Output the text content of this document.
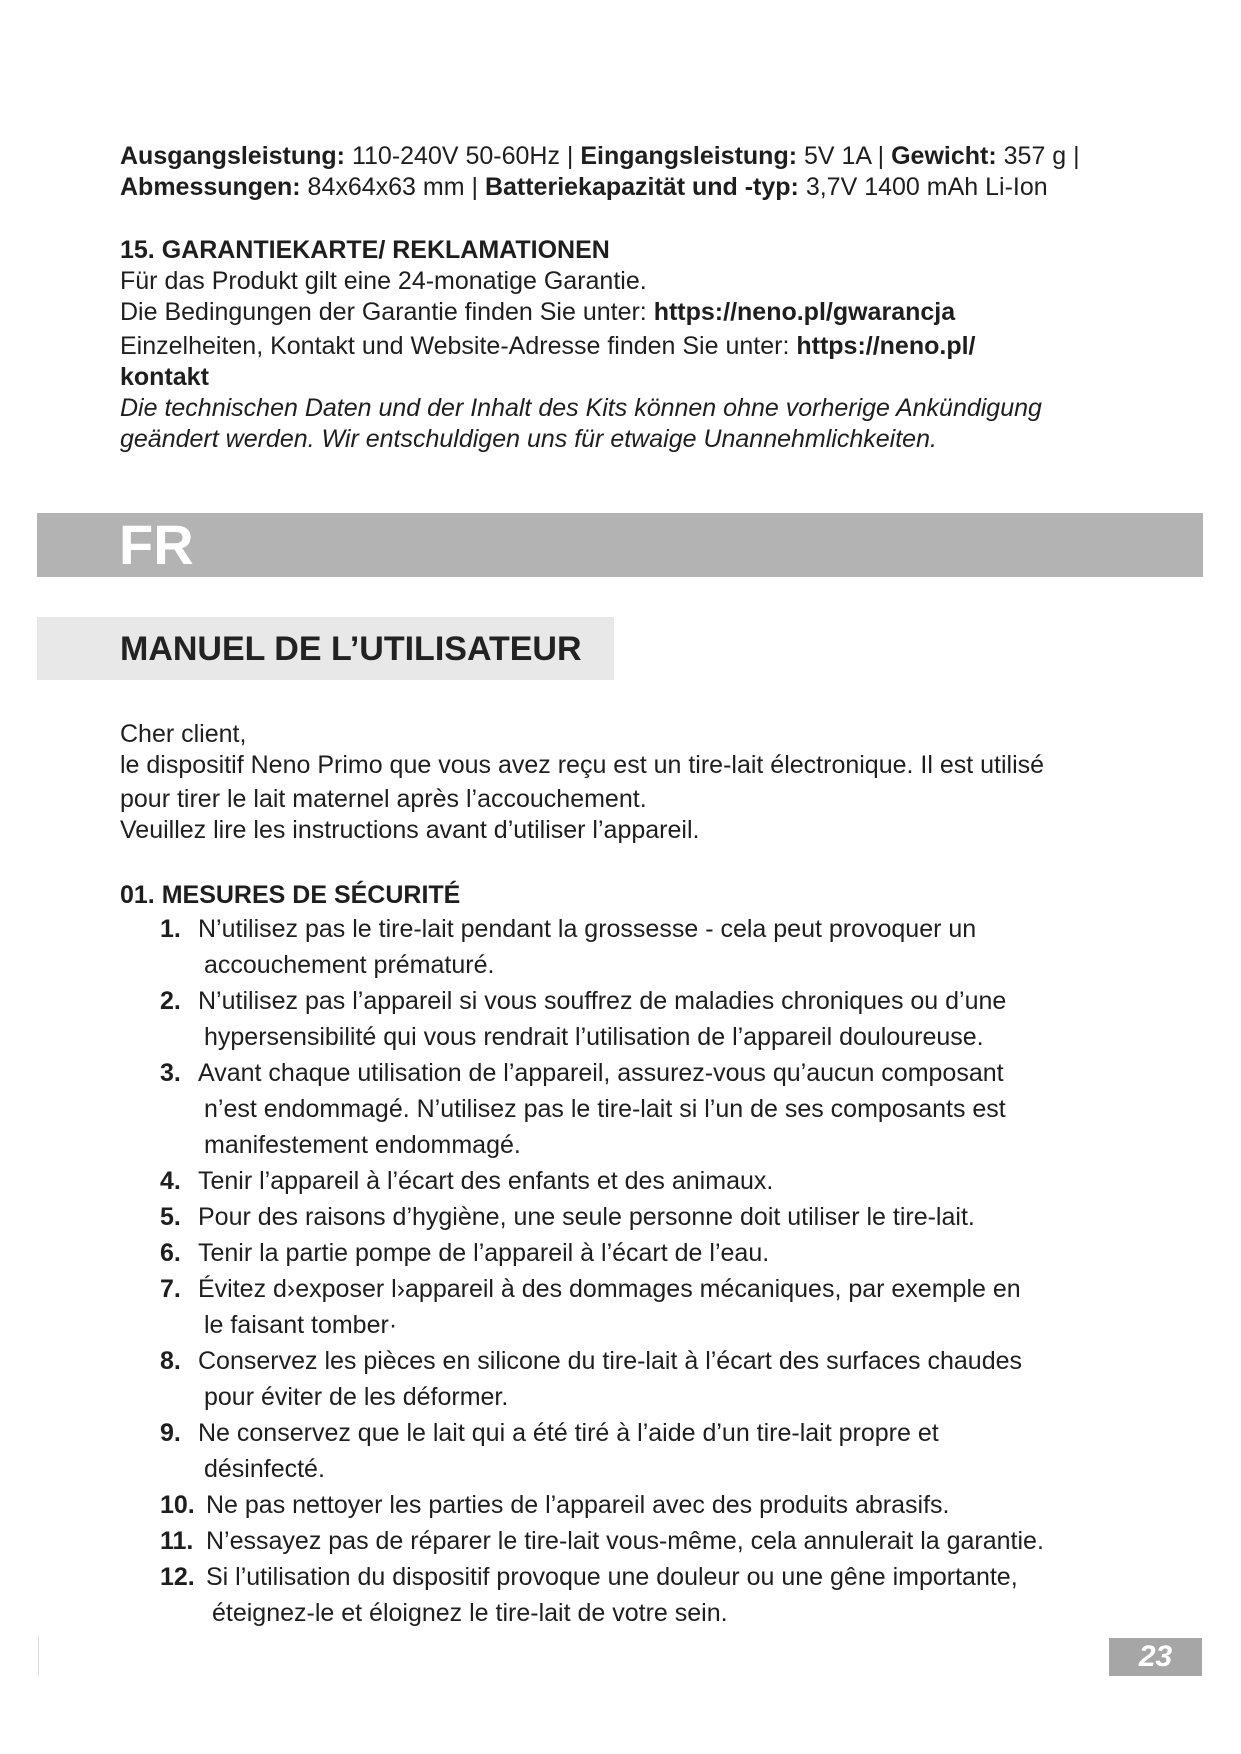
Ausgangsleistung: 110-240V 50-60Hz | Eingangsleistung: 5V 1A | Gewicht: 357 g |

Abmessungen: 84x64x63 mm | Batteriekapazität und -typ: 3,7V 1400 mAh Li-Ion

15. GARANTIEKARTE/ REKLAMATIONEN

Für das Produkt gilt eine 24-monatige Garantie.

Die Bedingungen der Garantie finden Sie unter: https://neno.pl/gwarancja

Einzelheiten, Kontakt und Website-Adresse finden Sie unter: https://neno.pl/

kontakt

Die technischen Daten und der Inhalt des Kits können ohne vorherige Ankündigung

geändert werden. Wir entschuldigen uns für etwaige Unannehmlichkeiten.

FR
MANUEL DE L’UTILISATEUR

Cher client,

le dispositif Neno Primo que vous avez reçu est un tire-lait électronique. Il est utilisé

pour tirer le lait maternel après l’accouchement.

Veuillez lire les instructions avant d’utiliser l’appareil.

01. MESURES DE SÉCURITÉ

1. N’utilisez pas le tire-lait pendant la grossesse - cela peut provoquer un
accouchement prématuré.
2. N’utilisez pas l’appareil si vous souffrez de maladies chroniques ou d’une
hypersensibilité qui vous rendrait l’utilisation de l’appareil douloureuse.
3. Avant chaque utilisation de l’appareil, assurez-vous qu’aucun composant
n’est endommagé. N’utilisez pas le tire-lait si l’un de ses composants est
manifestement endommagé.
4. Tenir l’appareil à l’écart des enfants et des animaux.
5. Pour des raisons d’hygiène, une seule personne doit utiliser le tire-lait.
6. Tenir la partie pompe de l’appareil à l’écart de l’eau.
7. Évitez d›exposer l›appareil à des dommages mécaniques, par exemple en
le faisant tomber·
8. Conservez les pièces en silicone du tire-lait à l’écart des surfaces chaudes
pour éviter de les déformer.
9. Ne conservez que le lait qui a été tiré à l’aide d’un tire-lait propre et
désinfecté.
10. Ne pas nettoyer les parties de l’appareil avec des produits abrasifs.
11. N’essayez pas de réparer le tire-lait vous-même, cela annulerait la garantie.
12. Si l’utilisation du dispositif provoque une douleur ou une gêne importante,
éteignez-le et éloignez le tire-lait de votre sein.
23
